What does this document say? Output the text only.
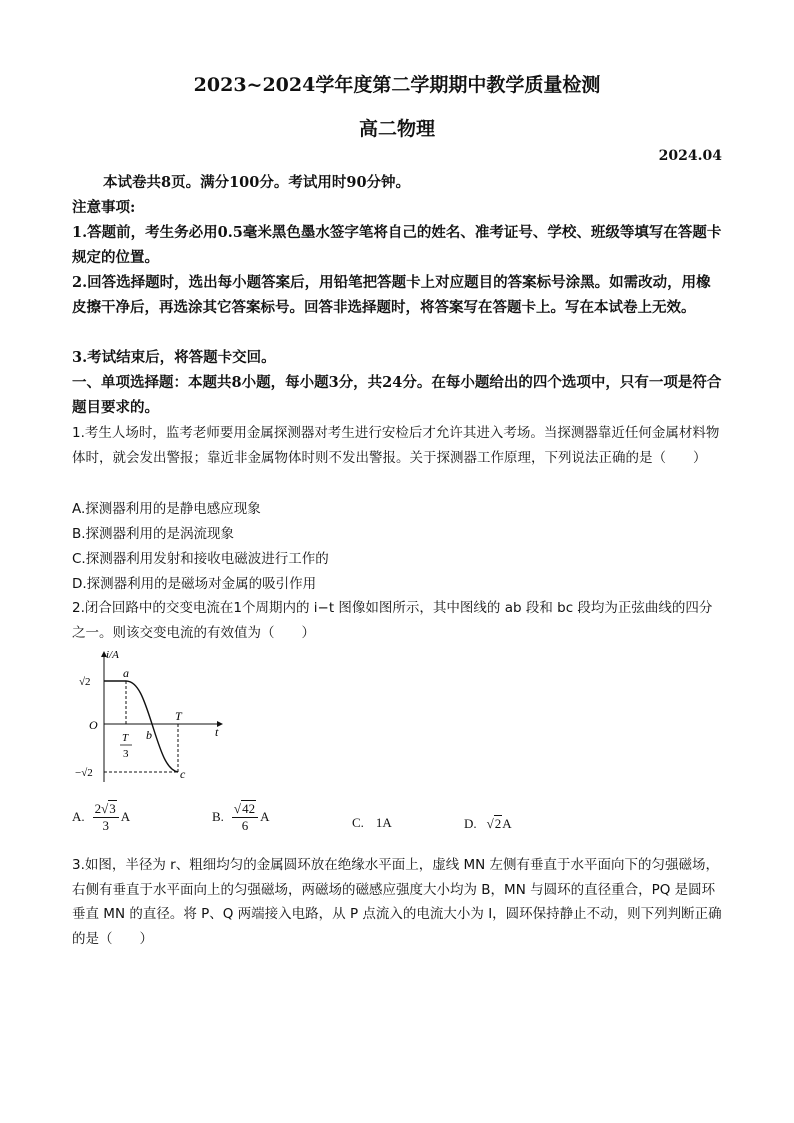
2023~2024学年度第二学期期中教学质量检测
高二物理
2024.04

本试卷共8页。满分100分。考试用时90分钟。

注意事项:

1.答题前，考生务必用0.5毫米黑色墨水签字笔将自己的姓名、准考证号、学校、班级等填写在答题卡规定的位置。

2.回答选择题时，选出每小题答案后，用铅笔把答题卡上对应题目的答案标号涂黑。如需改动，用橡皮擦干净后，再选涂其它答案标号。回答非选择题时，将答案写在答题卡上。写在本试卷上无效。

3.考试结束后，将答题卡交回。

一、单项选择题：本题共8小题，每小题3分，共24分。在每小题给出的四个选项中，只有一项是符合题目要求的。

1.考生人场时，监考老师要用金属探测器对考生进行安检后才允许其进入考场。当探测器靠近任何金属材料物体时，就会发出警报；靠近非金属物体时则不发出警报。关于探测器工作原理，下列说法正确的是（　　）

A.探测器利用的是静电感应现象
B.探测器利用的是涡流现象
C.探测器利用发射和接收电磁波进行工作的
D.探测器利用的是磁场对金属的吸引作用

2.闭合回路中的交变电流在1个周期内的 i−t 图像如图所示，其中图线的 ab 段和 bc 段均为正弦曲线的四分之一。则该交变电流的有效值为（　　）

i/A
t
√2
−√2
O
a
b
c
T
T
3
A. $\frac{2√ 3}{3}$ A	B. $\frac{√ 42}{6}$ A	C. 1A	D. √ 2 A

3.如图，半径为 r、粗细均匀的金属圆环放在绝缘水平面上，虚线 MN 左侧有垂直于水平面向下的匀强磁场，右侧有垂直于水平面向上的匀强磁场，两磁场的磁感应强度大小均为 B，MN 与圆环的直径重合，PQ 是圆环垂直 MN 的直径。将 P、Q 两端接入电路，从 P 点流入的电流大小为 I，圆环保持静止不动，则下列判断正确的是（　　）
